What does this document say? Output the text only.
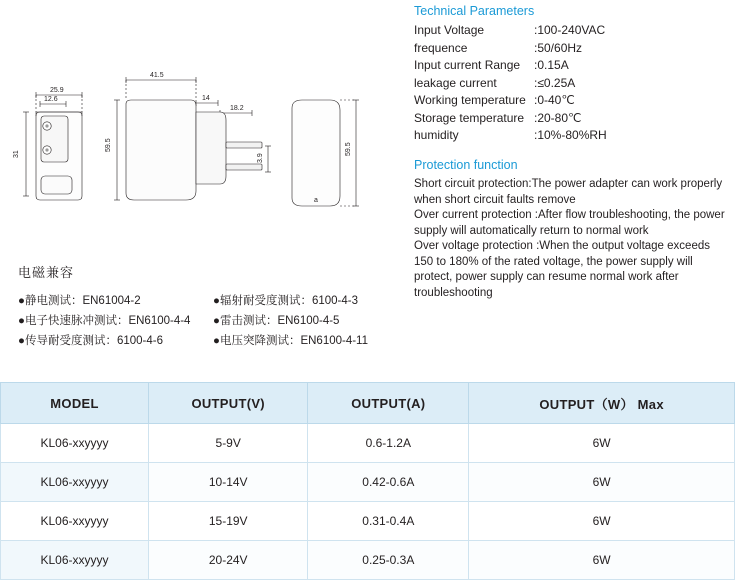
25.9
12.6
31
41.5
14
18.2
59.5
3.9
59.5
a
电磁兼容
●静电测试：EN61004-2	●辐射耐受度测试：6100-4-3
●电子快速脉冲测试：EN6100-4-4	●雷击测试：EN6100-4-5
●传导耐受度测试：6100-4-6	●电压突降测试：EN6100-4-11
Technical Parameters
Input Voltage	:100-240VAC
frequence	:50/60Hz
Input current Range	:0.15A
leakage current	:≤0.25A
Working temperature :0-40℃
Storage temperature :20-80℃
humidity	:10%-80%RH
Protection function

Short circuit protection:The power adapter can work properly when short circuit faults remove

Over current protection :After flow troubleshooting, the power supply will automatically return to normal work

Over voltage protection :When the output voltage exceeds 150 to 180% of the rated voltage, the power supply will protect, power supply can resume normal work after troubleshooting

MODEL	OUTPUT(V)	OUTPUT(A)	OUTPUT（W） Max
KL06-xxyyyy	5-9V	0.6-1.2A	6W
KL06-xxyyyy	10-14V	0.42-0.6A	6W
KL06-xxyyyy	15-19V	0.31-0.4A	6W
KL06-xxyyyy	20-24V	0.25-0.3A	6W
